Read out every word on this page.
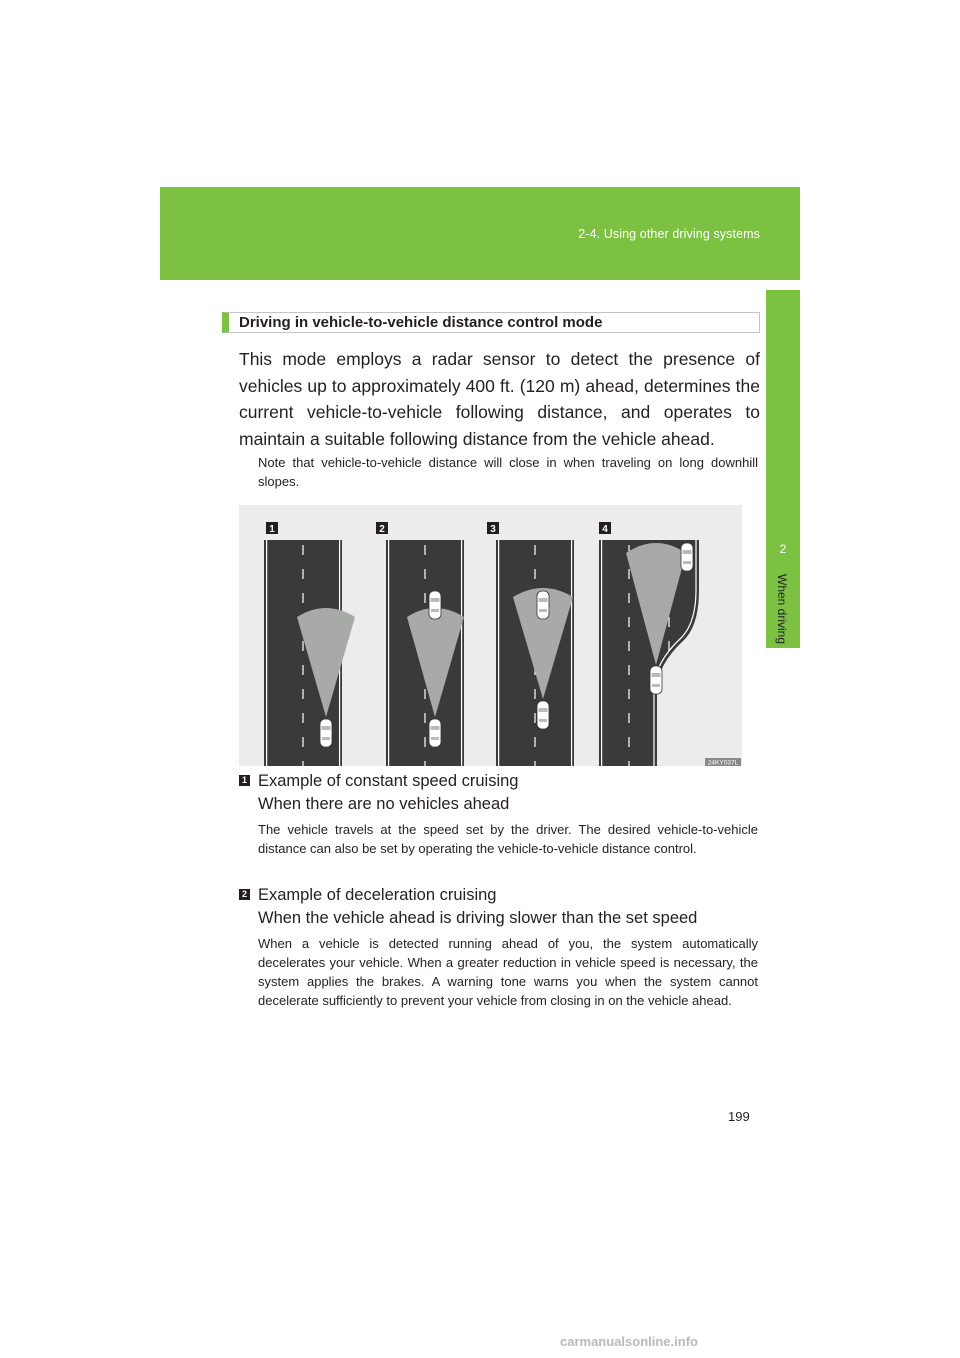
2-4. Using other driving systems
2
When driving
Driving in vehicle-to-vehicle distance control mode
This mode employs a radar sensor to detect the presence of vehicles up to approximately 400 ft. (120 m) ahead, determines the current vehicle-to-vehicle following distance, and operates to maintain a suitable following distance from the vehicle ahead.
Note that vehicle-to-vehicle distance will close in when traveling on long downhill slopes.
1	2	3	4
24KY037L
1 Example of constant speed cruising
When there are no vehicles ahead
The vehicle travels at the speed set by the driver. The desired vehicle-to-vehicle distance can also be set by operating the vehicle-to-vehicle distance control.
2 Example of deceleration cruising
When the vehicle ahead is driving slower than the set speed
When a vehicle is detected running ahead of you, the system automatically decelerates your vehicle. When a greater reduction in vehicle speed is necessary, the system applies the brakes. A warning tone warns you when the system cannot decelerate sufficiently to prevent your vehicle from closing in on the vehicle ahead.
199
carmanualsonline.info
